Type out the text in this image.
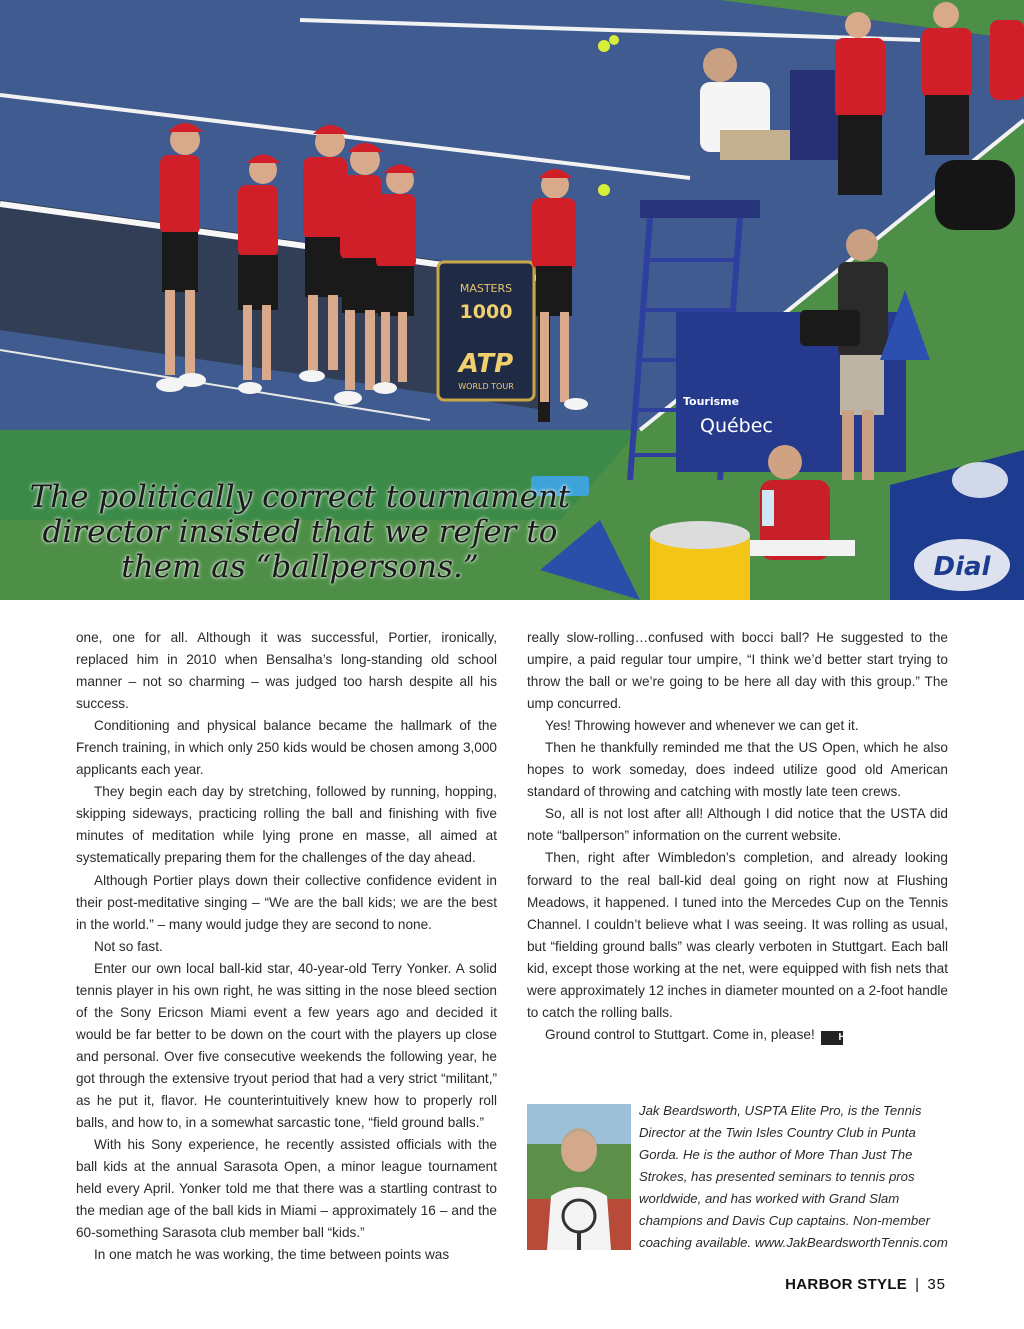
MASTERS
1000
ATP
WORLD TOUR
Tourisme
Québec
Dial
The politically correct tournament
director insisted that we refer to
them as “ballpersons.”

one, one for all. Although it was successful, Portier, ironically, replaced him in 2010 when Bensalha’s long-standing old school manner – not so charming – was judged too harsh despite all his success.

Conditioning and physical balance became the hallmark of the French training, in which only 250 kids would be chosen among 3,000 applicants each year.

They begin each day by stretching, followed by running, hopping, skipping sideways, practicing rolling the ball and finishing with five minutes of meditation while lying prone en masse, all aimed at systematically preparing them for the challenges of the day ahead.

Although Portier plays down their collective confidence evident in their post-meditative singing – “We are the ball kids; we are the best in the world.” – many would judge they are second to none.

Not so fast.

Enter our own local ball-kid star, 40-year-old Terry Yonker. A solid tennis player in his own right, he was sitting in the nose bleed section of the Sony Ericson Miami event a few years ago and decided it would be far better to be down on the court with the players up close and personal. Over five consecutive weekends the following year, he got through the extensive tryout period that had a very strict “militant,” as he put it, flavor. He counterintuitively knew how to properly roll balls, and how to, in a somewhat sarcastic tone, “field ground balls.”

With his Sony experience, he recently assisted officials with the ball kids at the annual Sarasota Open, a minor league tournament held every April. Yonker told me that there was a startling contrast to the median age of the ball kids in Miami – approximately 16 – and the 60-something Sarasota club member ball “kids.”

In one match he was working, the time between points was

really slow-rolling…confused with bocci ball? He suggested to the umpire, a paid regular tour umpire, “I think we’d better start trying to throw the ball or we’re going to be here all day with this group.” The ump concurred.

Yes! Throwing however and whenever we can get it.

Then he thankfully reminded me that the US Open, which he also hopes to work someday, does indeed utilize good old American standard of throwing and catching with mostly late teen crews.

So, all is not lost after all! Although I did notice that the USTA did note “ballperson” information on the current website.

Then, right after Wimbledon’s completion, and already looking forward to the real ball-kid deal going on right now at Flushing Meadows, it happened. I tuned into the Mercedes Cup on the Tennis Channel. I couldn’t believe what I was seeing. It was rolling as usual, but “fielding ground balls” was clearly verboten in Stuttgart. Each ball kid, except those working at the net, were equipped with fish nets that were approximately 12 inches in diameter mounted on a 2-foot handle to catch the rolling balls.

Ground control to Stuttgart. Come in, please! HS

Jak Beardsworth, USPTA Elite Pro, is the Tennis Director at the Twin Isles Country Club in Punta Gorda. He is the author of More Than Just The Strokes, has presented seminars to tennis pros worldwide, and has worked with Grand Slam champions and Davis Cup captains. Non-member coaching available. www.JakBeardsworthTennis.com
HARBOR STYLE | 35
